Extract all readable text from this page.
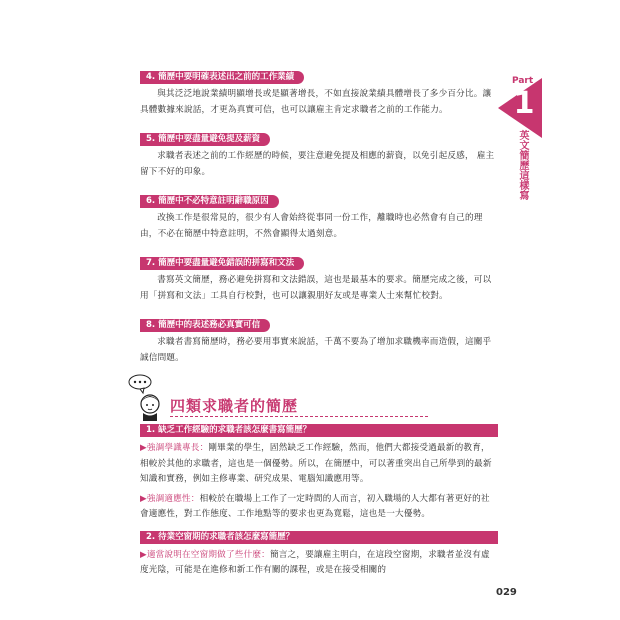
Part
1
英文簡歷這樣寫
4. 簡歷中要明確表述出之前的工作業績
與其泛泛地說業績明顯增長或是顯著增長，不如直接說業績具體增長了多少百分比。讓具體數據來說話，才更為真實可信，也可以讓雇主肯定求職者之前的工作能力。
5. 簡歷中要盡量避免提及薪資
求職者表述之前的工作經歷的時候，要注意避免提及相應的薪資，以免引起反感， 雇主留下不好的印象。
6. 簡歷中不必特意註明辭職原因
改換工作是很常見的，很少有人會始終從事同一份工作，離職時也必然會有自己的理由，不必在簡歷中特意註明，不然會顯得太過刻意。
7. 簡歷中要盡量避免錯誤的拼寫和文法
書寫英文簡歷，務必避免拼寫和文法錯誤，這也是最基本的要求。簡歷完成之後，可以用「拼寫和文法」工具自行校對，也可以讓親朋好友或是專業人士來幫忙校對。
8. 簡歷中的表述務必真實可信
求職者書寫簡歷時，務必要用事實來說話，千萬不要為了增加求職機率而造假，這關乎誠信問題。
四類求職者的簡歷
1. 缺乏工作經驗的求職者該怎麼書寫簡歷？
▶強調學識專長：剛畢業的學生，固然缺乏工作經驗，然而，他們大都接受過最新的教育，相較於其他的求職者，這也是一個優勢。所以，在簡歷中，可以著重突出自己所學到的最新知識和實務，例如主修專業、研究成果、電腦知識應用等。
▶強調適應性：相較於在職場上工作了一定時間的人而言，初入職場的人大都有著更好的社會適應性，對工作態度、工作地點等的要求也更為寬鬆，這也是一大優勢。
2. 待業空窗期的求職者該怎麼寫簡歷？
▶適當說明在空窗期做了些什麼：簡言之，要讓雇主明白，在這段空窗期，求職者並沒有虛度光陰，可能是在進修和新工作有關的課程，或是在接受相關的
029
